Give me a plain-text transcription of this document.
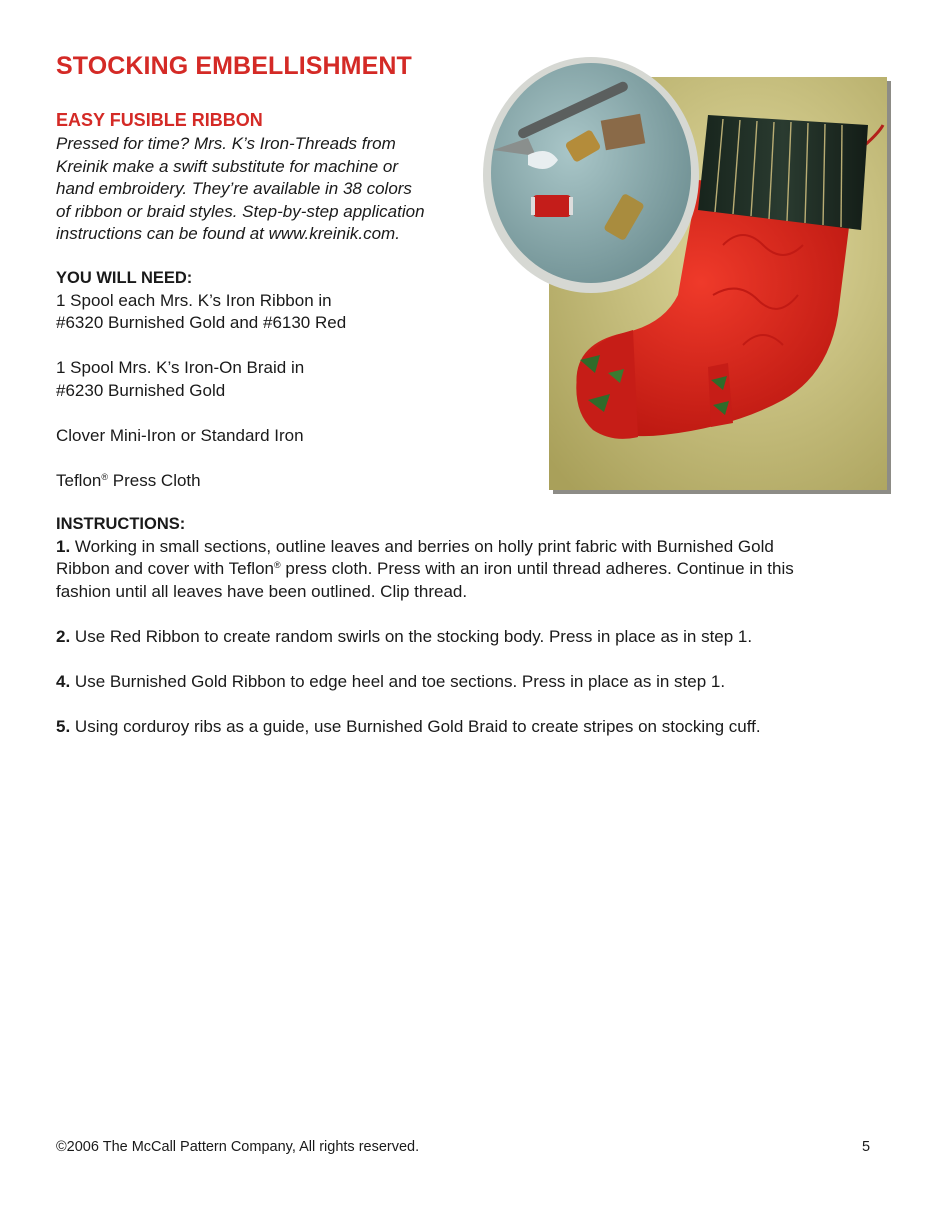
STOCKING EMBELLISHMENT
EASY FUSIBLE RIBBON

Pressed for time? Mrs. K’s Iron-Threads from
Kreinik make a swift substitute for machine or
hand embroidery. They’re available in 38 colors
of ribbon or braid styles. Step-by-step application
instructions can be found at www.kreinik.com.

YOU WILL NEED:
1 Spool each Mrs. K’s Iron Ribbon in
#6320 Burnished Gold and #6130 Red
1 Spool Mrs. K’s Iron-On Braid in
#6230 Burnished Gold
Clover Mini-Iron or Standard Iron
Teflon® Press Cloth
INSTRUCTIONS:
1. Working in small sections, outline leaves and berries on holly print fabric with Burnished Gold
Ribbon and cover with Teflon® press cloth. Press with an iron until thread adheres. Continue in this
fashion until all leaves have been outlined. Clip thread.
2. Use Red Ribbon to create random swirls on the stocking body. Press in place as in step 1.
4. Use Burnished Gold Ribbon to edge heel and toe sections. Press in place as in step 1.
5. Using corduroy ribs as a guide, use Burnished Gold Braid to create stripes on stocking cuff.
©2006 The McCall Pattern Company, All rights reserved.	5
